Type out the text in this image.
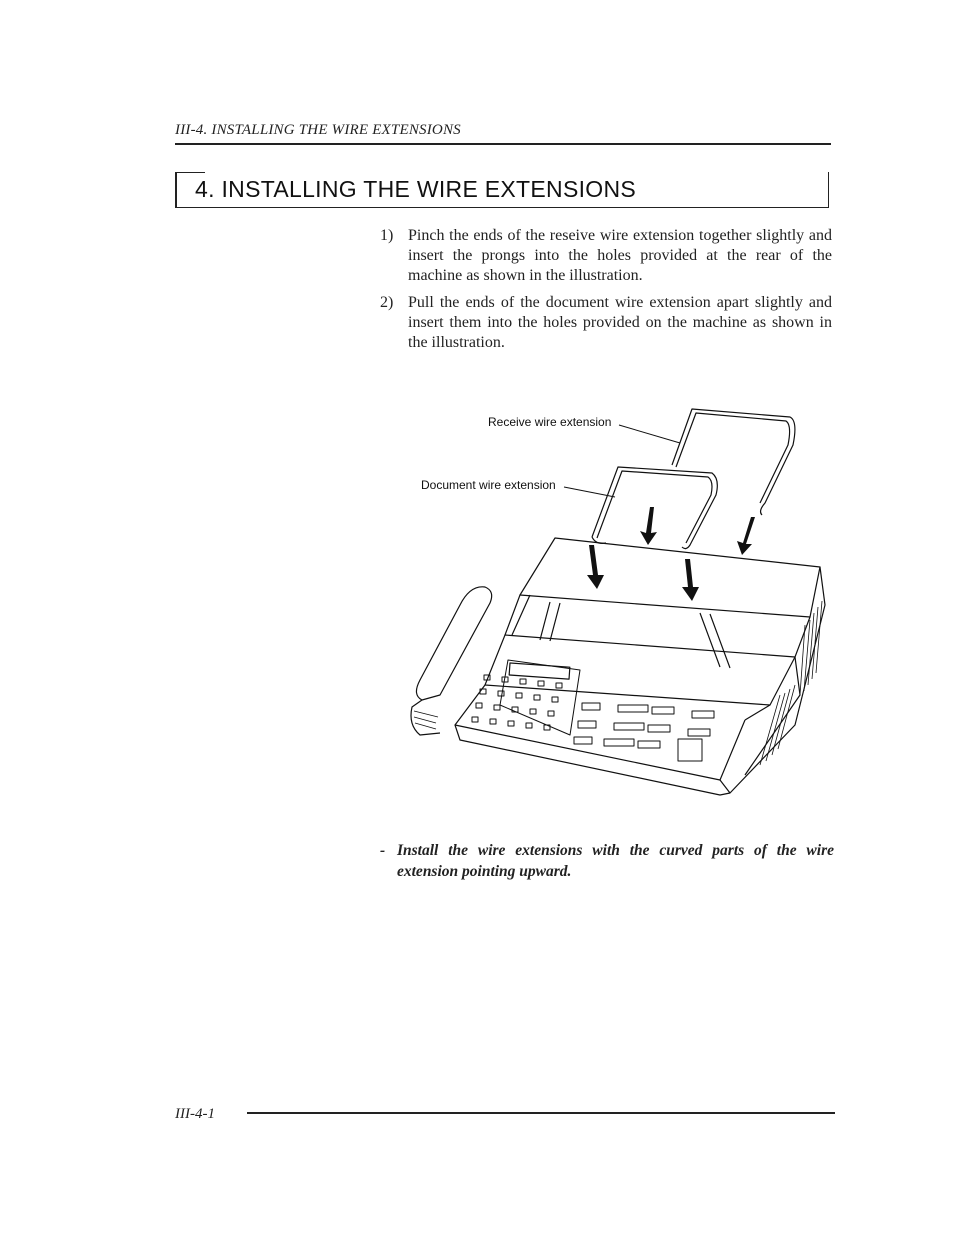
III-4. INSTALLING THE WIRE EXTENSIONS
4. INSTALLING THE WIRE EXTENSIONS
1) Pinch the ends of the reseive wire extension together slightly and insert the prongs into the holes provided at the rear of the machine as shown in the illustration.
2) Pull the ends of the document wire extension apart slightly and insert them into the holes provided on the machine as shown in the illustration.
Receive wire extension
Document wire extension
- Install the wire extensions with the curved parts of the wire extension pointing upward.
III-4-1
